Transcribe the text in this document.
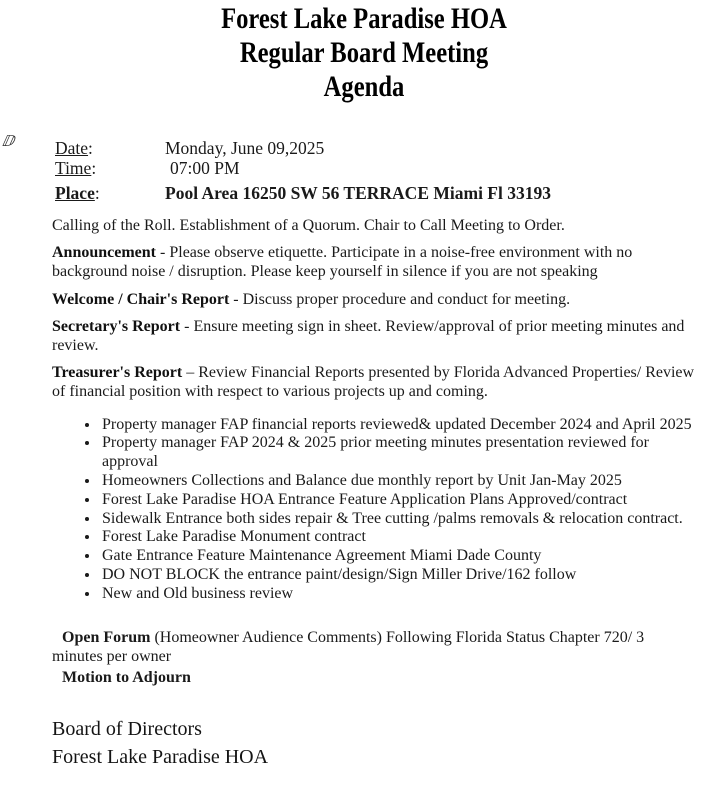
Forest Lake Paradise HOA
Regular Board Meeting
Agenda
ⅅ Date:	Monday, June 09,2025
Time:	07:00 PM
Place:	Pool Area 16250 SW 56 TERRACE Miami Fl 33193

Calling of the Roll. Establishment of a Quorum. Chair to Call Meeting to Order.

Announcement - Please observe etiquette. Participate in a noise-free environment with no background noise / disruption. Please keep yourself in silence if you are not speaking

Welcome / Chair's Report - Discuss proper procedure and conduct for meeting.

Secretary's Report - Ensure meeting sign in sheet. Review/approval of prior meeting minutes and review.

Treasurer's Report – Review Financial Reports presented by Florida Advanced Properties/ Review of financial position with respect to various projects up and coming.

• Property manager FAP financial reports reviewed& updated December 2024 and April 2025
• Property manager FAP 2024 & 2025 prior meeting minutes presentation reviewed for approval
• Homeowners Collections and Balance due monthly report by Unit Jan-May 2025
• Forest Lake Paradise HOA Entrance Feature Application Plans Approved/contract
• Sidewalk Entrance both sides repair & Tree cutting /palms removals & relocation contract.
• Forest Lake Paradise Monument contract
• Gate Entrance Feature Maintenance Agreement Miami Dade County
• DO NOT BLOCK the entrance paint/design/Sign Miller Drive/162 follow
• New and Old business review

Open Forum (Homeowner Audience Comments) Following Florida Status Chapter 720/ 3 minutes per owner

Motion to Adjourn

Board of Directors
Forest Lake Paradise HOA
